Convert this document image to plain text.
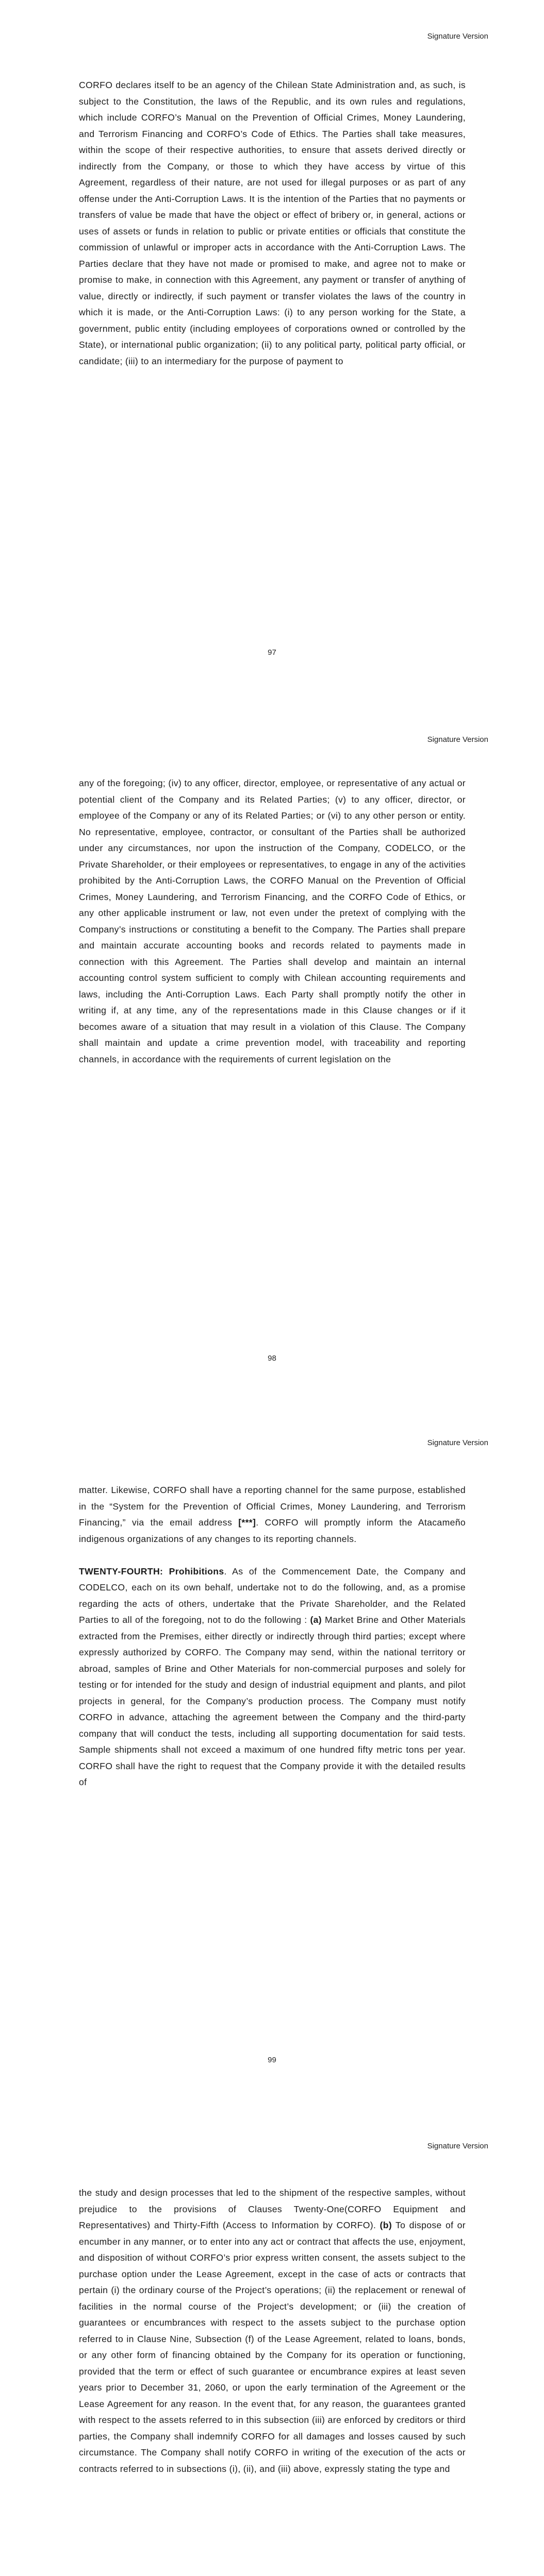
Signature Version

CORFO declares itself to be an agency of the Chilean State Administration and, as such, is subject to the Constitution, the laws of the Republic, and its own rules and regulations, which include CORFO’s Manual on the Prevention of Official Crimes, Money Laundering, and Terrorism Financing and CORFO’s Code of Ethics. The Parties shall take measures, within the scope of their respective authorities, to ensure that assets derived directly or indirectly from the Company, or those to which they have access by virtue of this Agreement, regardless of their nature, are not used for illegal purposes or as part of any offense under the Anti-Corruption Laws. It is the intention of the Parties that no payments or transfers of value be made that have the object or effect of bribery or, in general, actions or uses of assets or funds in relation to public or private entities or officials that constitute the commission of unlawful or improper acts in accordance with the Anti-Corruption Laws. The Parties declare that they have not made or promised to make, and agree not to make or promise to make, in connection with this Agreement, any payment or transfer of anything of value, directly or indirectly, if such payment or transfer violates the laws of the country in which it is made, or the Anti-Corruption Laws: (i) to any person working for the State, a government, public entity (including employees of corporations owned or controlled by the State), or international public organization; (ii) to any political party, political party official, or candidate; (iii) to an intermediary for the purpose of payment to

97
Signature Version

any of the foregoing; (iv) to any officer, director, employee, or representative of any actual or potential client of the Company and its Related Parties; (v) to any officer, director, or employee of the Company or any of its Related Parties; or (vi) to any other person or entity. No representative, employee, contractor, or consultant of the Parties shall be authorized under any circumstances, nor upon the instruction of the Company, CODELCO, or the Private Shareholder, or their employees or representatives, to engage in any of the activities prohibited by the Anti-Corruption Laws, the CORFO Manual on the Prevention of Official Crimes, Money Laundering, and Terrorism Financing, and the CORFO Code of Ethics, or any other applicable instrument or law, not even under the pretext of complying with the Company’s instructions or constituting a benefit to the Company. The Parties shall prepare and maintain accurate accounting books and records related to payments made in connection with this Agreement. The Parties shall develop and maintain an internal accounting control system sufficient to comply with Chilean accounting requirements and laws, including the Anti-Corruption Laws. Each Party shall promptly notify the other in writing if, at any time, any of the representations made in this Clause changes or if it becomes aware of a situation that may result in a violation of this Clause. The Company shall maintain and update a crime prevention model, with traceability and reporting channels, in accordance with the requirements of current legislation on the

98
Signature Version

matter. Likewise, CORFO shall have a reporting channel for the same purpose, established in the “System for the Prevention of Official Crimes, Money Laundering, and Terrorism Financing,” via the email address [***]. CORFO will promptly inform the Atacameño indigenous organizations of any changes to its reporting channels.

TWENTY-FOURTH: Prohibitions. As of the Commencement Date, the Company and CODELCO, each on its own behalf, undertake not to do the following, and, as a promise regarding the acts of others, undertake that the Private Shareholder, and the Related Parties to all of the foregoing, not to do the following : (a) Market Brine and Other Materials extracted from the Premises, either directly or indirectly through third parties; except where expressly authorized by CORFO. The Company may send, within the national territory or abroad, samples of Brine and Other Materials for non-commercial purposes and solely for testing or for intended for the study and design of industrial equipment and plants, and pilot projects in general, for the Company’s production process. The Company must notify CORFO in advance, attaching the agreement between the Company and the third-party company that will conduct the tests, including all supporting documentation for said tests. Sample shipments shall not exceed a maximum of one hundred fifty metric tons per year. CORFO shall have the right to request that the Company provide it with the detailed results of

99
Signature Version

the study and design processes that led to the shipment of the respective samples, without prejudice to the provisions of Clauses Twenty-One(CORFO Equipment and Representatives) and Thirty-Fifth (Access to Information by CORFO). (b) To dispose of or encumber in any manner, or to enter into any act or contract that affects the use, enjoyment, and disposition of without CORFO’s prior express written consent, the assets subject to the purchase option under the Lease Agreement, except in the case of acts or contracts that pertain (i) the ordinary course of the Project’s operations; (ii) the replacement or renewal of facilities in the normal course of the Project’s development; or (iii) the creation of guarantees or encumbrances with respect to the assets subject to the purchase option referred to in Clause Nine, Subsection (f) of the Lease Agreement, related to loans, bonds, or any other form of financing obtained by the Company for its operation or functioning, provided that the term or effect of such guarantee or encumbrance expires at least seven years prior to December 31, 2060, or upon the early termination of the Agreement or the Lease Agreement for any reason. In the event that, for any reason, the guarantees granted with respect to the assets referred to in this subsection (iii) are enforced by creditors or third parties, the Company shall indemnify CORFO for all damages and losses caused by such circumstance. The Company shall notify CORFO in writing of the execution of the acts or contracts referred to in subsections (i), (ii), and (iii) above, expressly stating the type and
